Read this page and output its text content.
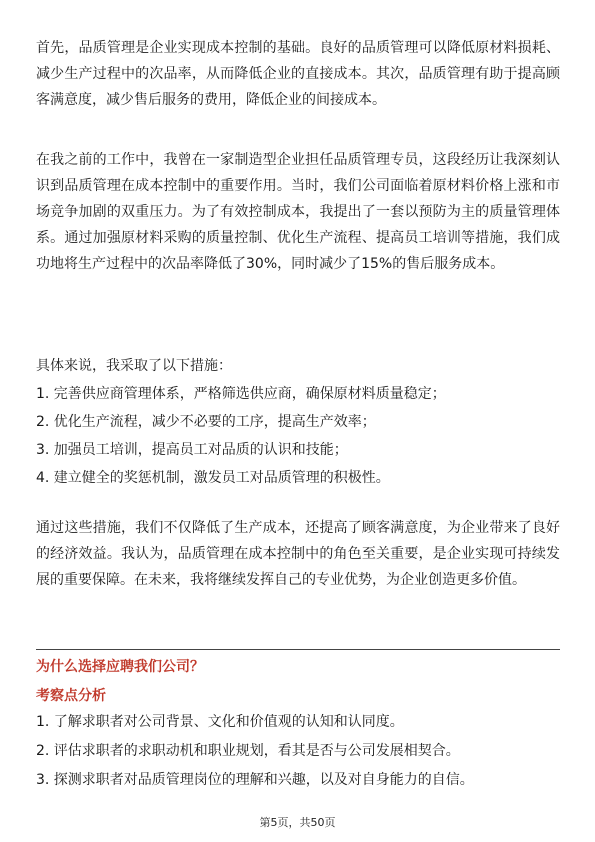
首先，品质管理是企业实现成本控制的基础。良好的品质管理可以降低原材料损耗、减少生产过程中的次品率，从而降低企业的直接成本。其次，品质管理有助于提高顾客满意度，减少售后服务的费用，降低企业的间接成本。

在我之前的工作中，我曾在一家制造型企业担任品质管理专员，这段经历让我深刻认识到品质管理在成本控制中的重要作用。当时，我们公司面临着原材料价格上涨和市场竞争加剧的双重压力。为了有效控制成本，我提出了一套以预防为主的质量管理体系。通过加强原材料采购的质量控制、优化生产流程、提高员工培训等措施，我们成功地将生产过程中的次品率降低了30%，同时减少了15%的售后服务成本。

具体来说，我采取了以下措施：

1. 完善供应商管理体系，严格筛选供应商，确保原材料质量稳定；

2. 优化生产流程，减少不必要的工序，提高生产效率；

3. 加强员工培训，提高员工对品质的认识和技能；

4. 建立健全的奖惩机制，激发员工对品质管理的积极性。

通过这些措施，我们不仅降低了生产成本，还提高了顾客满意度，为企业带来了良好的经济效益。我认为，品质管理在成本控制中的角色至关重要，是企业实现可持续发展的重要保障。在未来，我将继续发挥自己的专业优势，为企业创造更多价值。

为什么选择应聘我们公司？

考察点分析

1. 了解求职者对公司背景、文化和价值观的认知和认同度。

2. 评估求职者的求职动机和职业规划，看其是否与公司发展相契合。

3. 探测求职者对品质管理岗位的理解和兴趣，以及对自身能力的自信。

第5页，共50页
